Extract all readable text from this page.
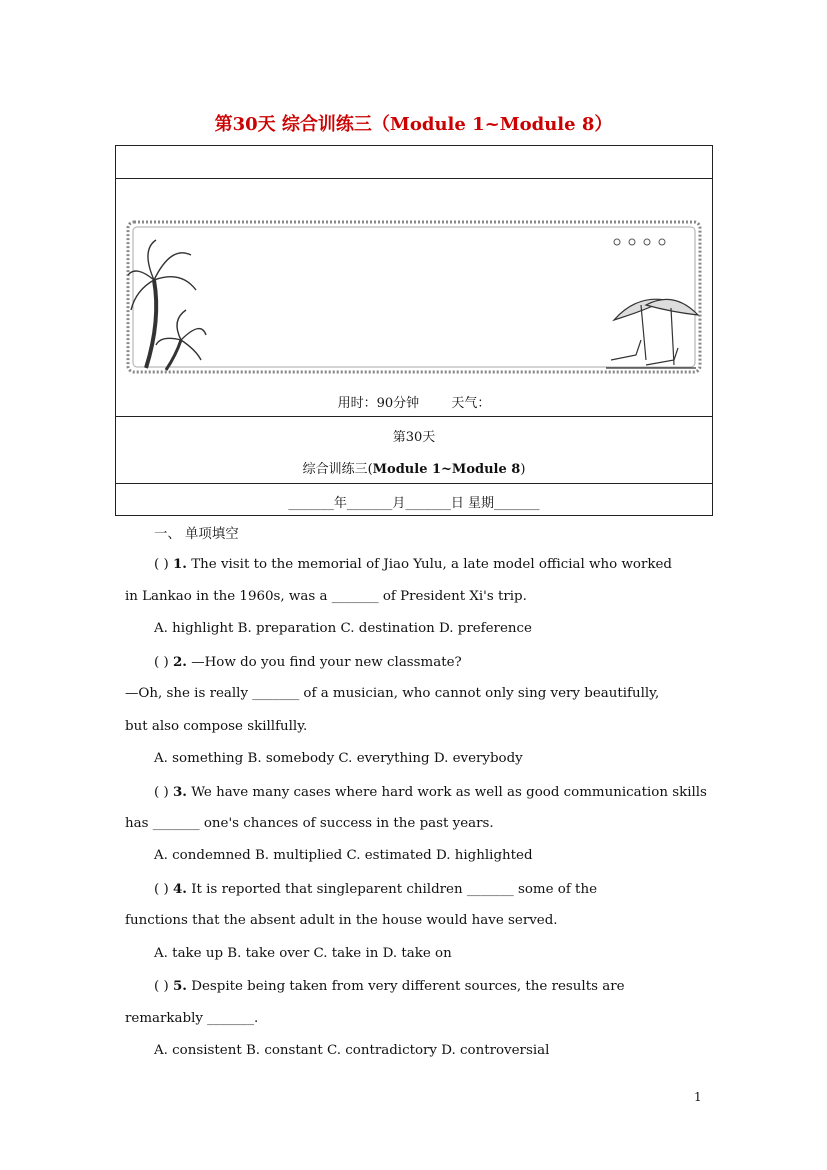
第30天 综合训练三（Module 1~Module 8）
用时：90分钟 天气：
第30天
综合训练三(Module 1~Module 8)
_______年_______月_______日 星期_______
一、 单项填空
( ) 1. The visit to the memorial of Jiao Yulu, a late model official who worked
in Lankao in the 1960s, was a _______ of President Xi's trip.
A. highlight B. preparation C. destination D. preference
( ) 2. —How do you find your new classmate?
—Oh, she is really _______ of a musician, who cannot only sing very beautifully,
but also compose skillfully.
A. something B. somebody C. everything D. everybody
( ) 3. We have many cases where hard work as well as good communication skills
has _______ one's chances of success in the past years.
A. condemned B. multiplied C. estimated D. highlighted
( ) 4. It is reported that singleparent children _______ some of the
functions that the absent adult in the house would have served.
A. take up B. take over C. take in D. take on
( ) 5. Despite being taken from very different sources, the results are
remarkably _______.
A. consistent B. constant C. contradictory D. controversial
1
